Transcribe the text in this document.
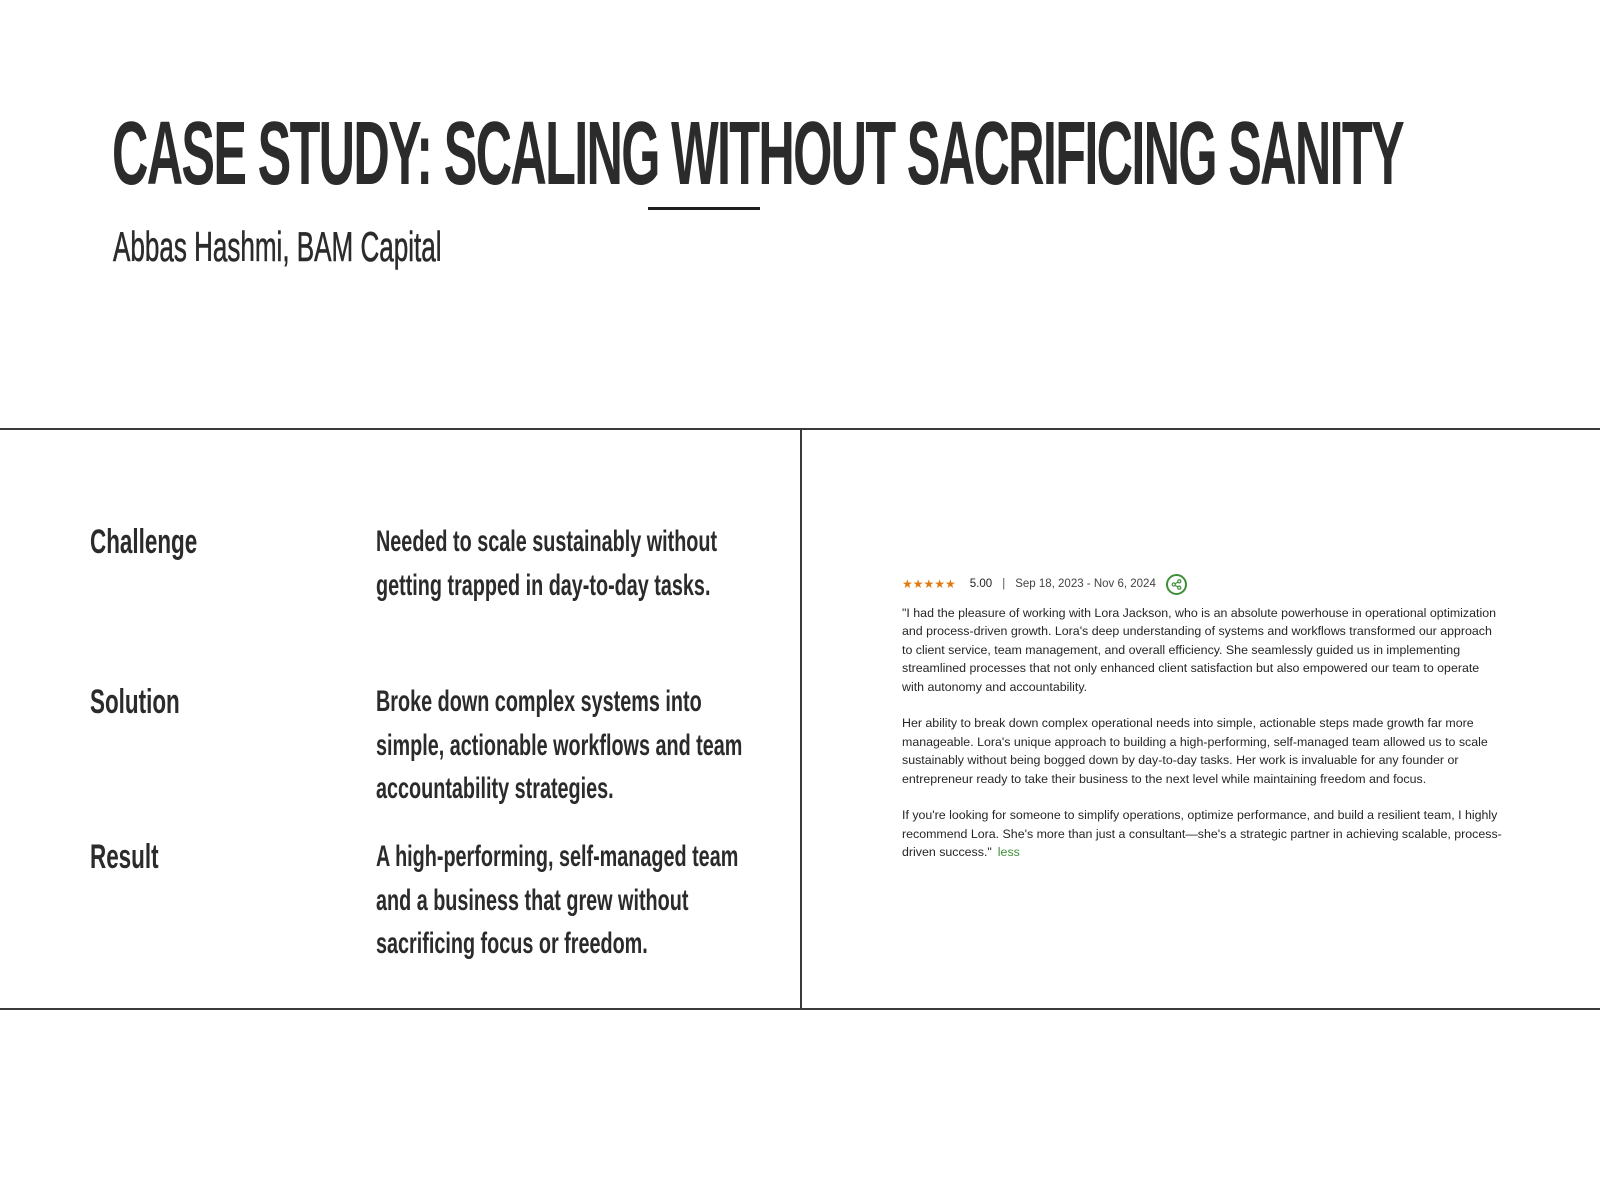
CASE STUDY: SCALING WITHOUT SACRIFICING SANITY
Abbas Hashmi, BAM Capital
Challenge	Needed to scale sustainably without getting trapped in day-to-day tasks.
Solution	Broke down complex systems into simple, actionable workflows and team accountability strategies.
Result	A high-performing, self-managed team and a business that grew without sacrificing focus or freedom.
★★★★★ 5.00 | Sep 18, 2023 - Nov 6, 2024

"I had the pleasure of working with Lora Jackson, who is an absolute powerhouse in operational optimization and process-driven growth. Lora's deep understanding of systems and workflows transformed our approach to client service, team management, and overall efficiency. She seamlessly guided us in implementing streamlined processes that not only enhanced client satisfaction but also empowered our team to operate with autonomy and accountability.

Her ability to break down complex operational needs into simple, actionable steps made growth far more manageable. Lora's unique approach to building a high-performing, self-managed team allowed us to scale sustainably without being bogged down by day-to-day tasks. Her work is invaluable for any founder or entrepreneur ready to take their business to the next level while maintaining freedom and focus.

If you're looking for someone to simplify operations, optimize performance, and build a resilient team, I highly recommend Lora. She's more than just a consultant—she's a strategic partner in achieving scalable, process-driven success." less
